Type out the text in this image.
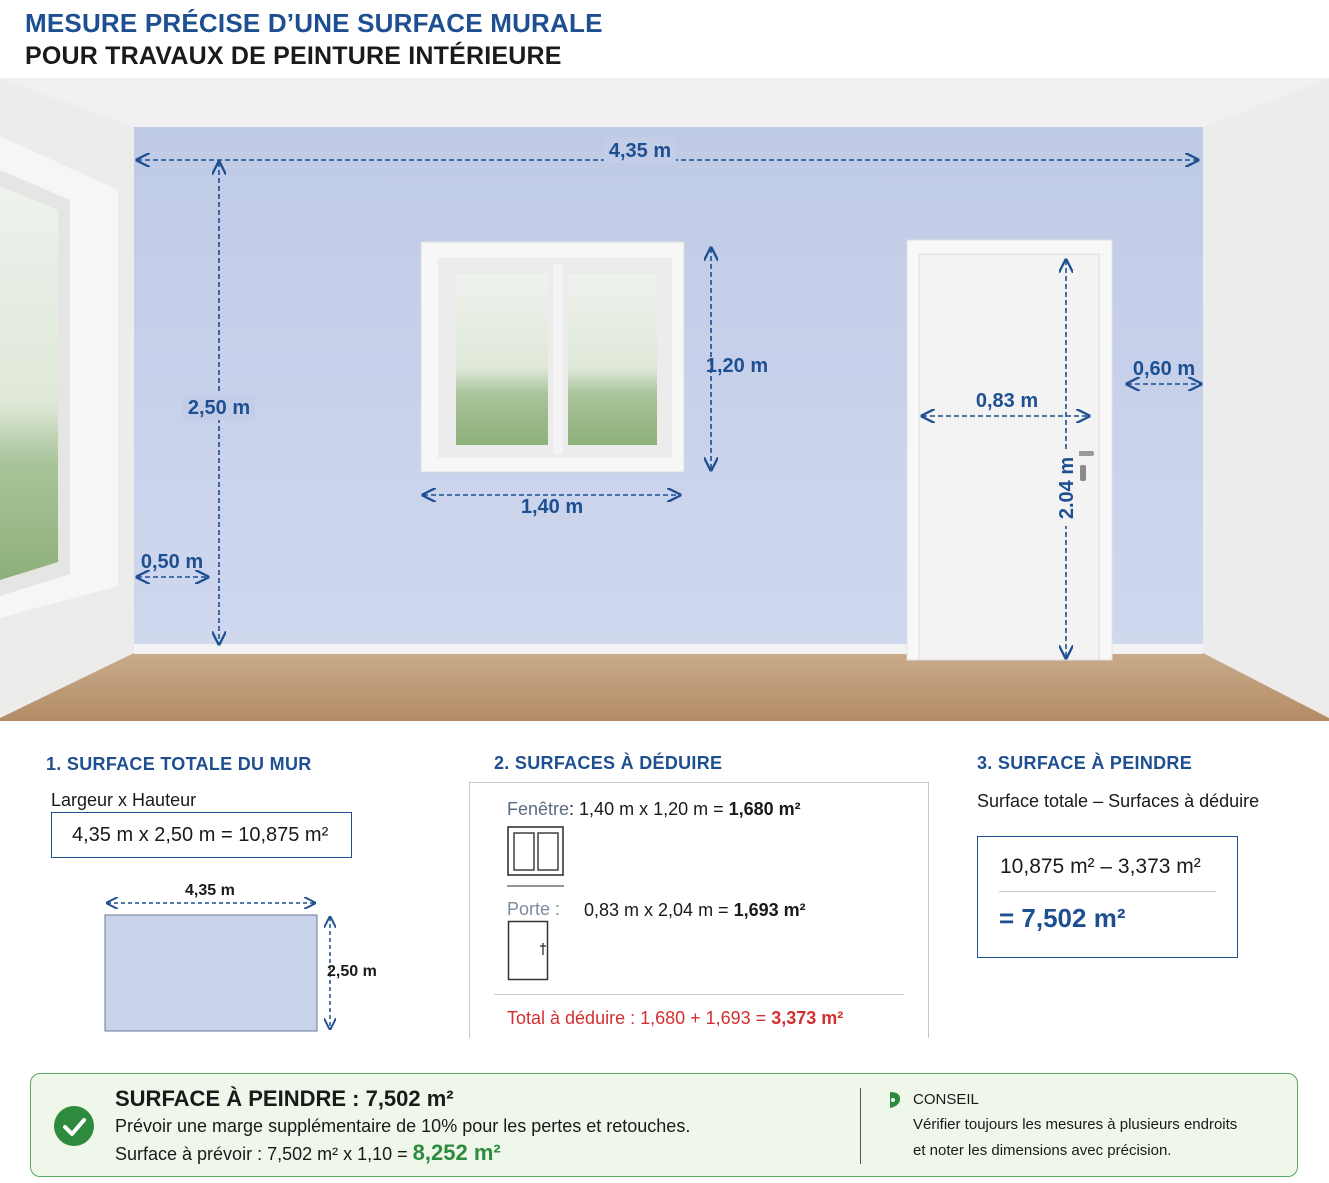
MESURE PRÉCISE D’UNE SURFACE MURALE
POUR TRAVAUX DE PEINTURE INTÉRIEURE
4,35 m
2,50 m
0,50 m
1,40 m
1,20 m
0,83 m
2.04 m
0,60 m
1. SURFACE TOTALE DU MUR
Largeur x Hauteur
4,35 m x 2,50 m = 10,875 m²
4,35 m
2,50 m
2. SURFACES À DÉDUIRE
Fenêtre: 1,40 m x 1,20 m = 1,680 m²
Porte : 0,83 m x 2,04 m = 1,693 m²
Total à déduire : 1,680 + 1,693 = 3,373 m²
3. SURFACE À PEINDRE
Surface totale – Surfaces à déduire
10,875 m² – 3,373 m²
= 7,502 m²
SURFACE À PEINDRE : 7,502 m²
Prévoir une marge supplémentaire de 10% pour les pertes et retouches.
Surface à prévoir : 7,502 m² x 1,10 = 8,252 m²
CONSEIL
Vérifier toujours les mesures à plusieurs endroits
et noter les dimensions avec précision.
